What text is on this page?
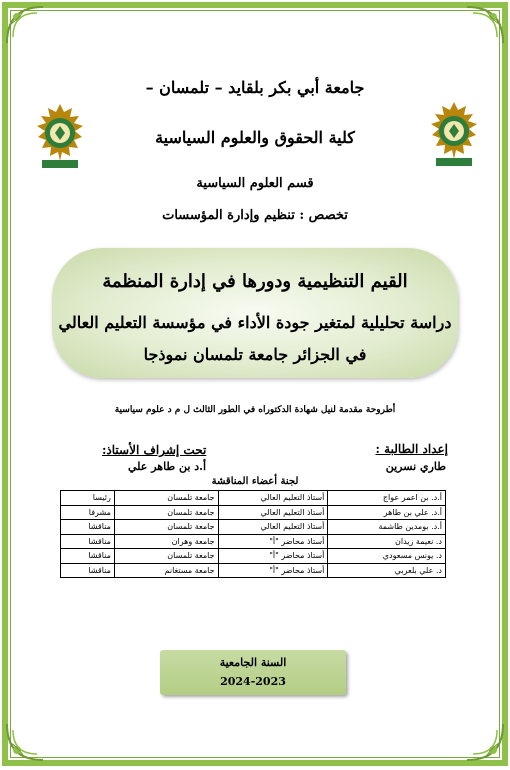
جامعة أبي بكر بلقايد – تلمسان –
كلية الحقوق والعلوم السياسية
قسم العلوم السياسية
تخصص : تنظيم وإدارة المؤسسات
القيم التنظيمية ودورها في إدارة المنظمة
دراسة تحليلية لمتغير جودة الأداء في مؤسسة التعليم العالي
في الجزائر جامعة تلمسان نموذجا
أطروحة مقدمة لنيل شهادة الدكتوراه في الطور الثالث ل م د علوم سياسية
إعداد الطالبة :
طاري نسرين
تحت إشراف الأستاذ:
أ.د بن طاهر علي
لجنة أعضاء المناقشة
أ.د. بن اعمر عواج	أستاذ التعليم العالي	جامعة تلمسان	رئيسا
أ.د. علي بن طاهر	أستاذ التعليم العالي	جامعة تلمسان	مشرفا
أ.د. بومدين طاشمة	أستاذ التعليم العالي	جامعة تلمسان	مناقشا
د. نعيمة زيدان	أستاذ محاضر "أ"	جامعة وهران	مناقشا
د. يونس مسعودي	أستاذ محاضر "أ"	جامعة تلمسان	مناقشا
د. علي بلعربي	أستاذ محاضر "أ"	جامعة مستغانم	مناقشا
السنة الجامعية
2024-2023
